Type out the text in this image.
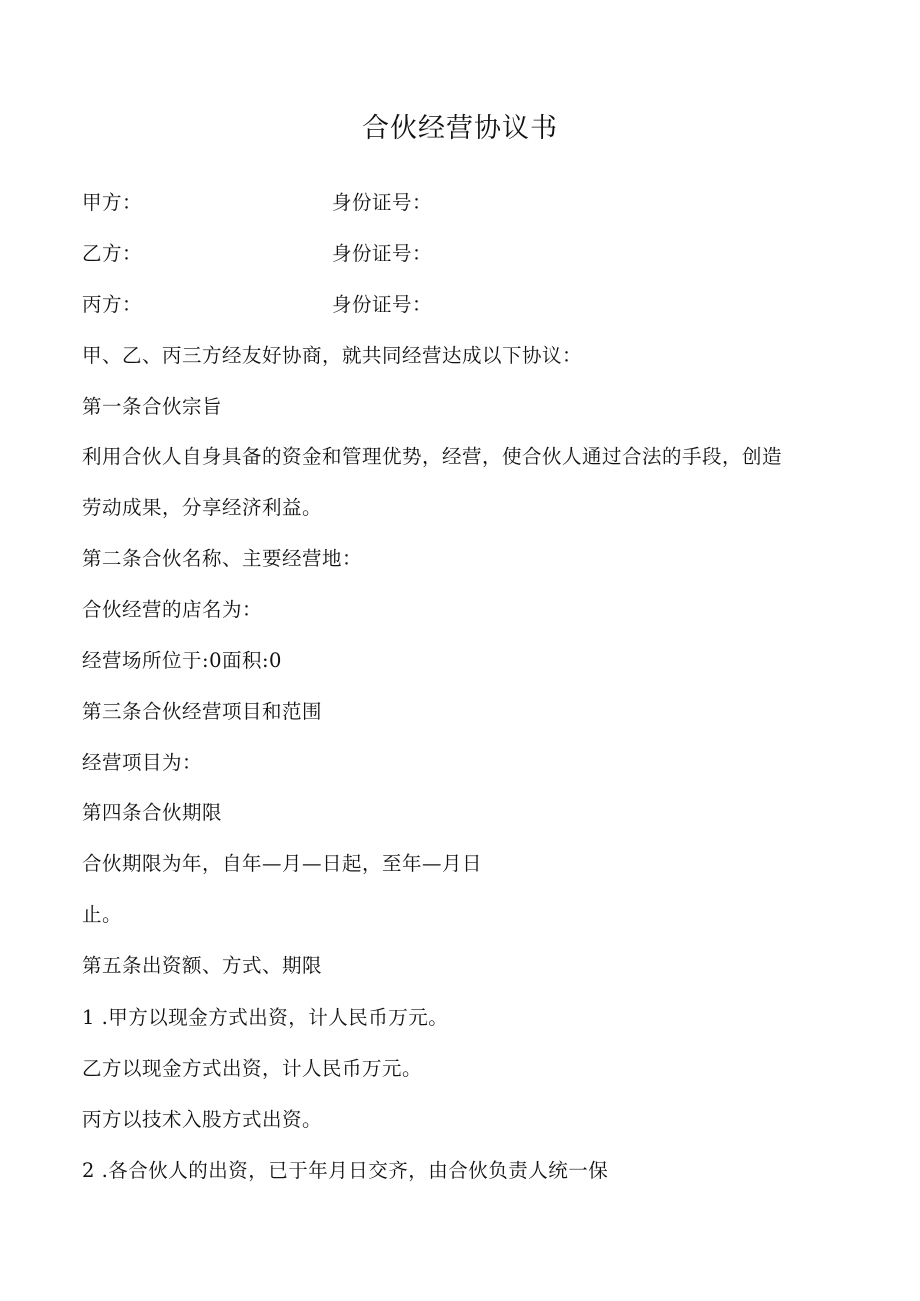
合伙经营协议书
甲方：	身份证号：
乙方：	身份证号：
丙方：	身份证号：
甲、乙、丙三方经友好协商，就共同经营达成以下协议：
第一条合伙宗旨
利用合伙人自身具备的资金和管理优势，经营，使合伙人通过合法的手段，创造
劳动成果，分享经济利益。
第二条合伙名称、主要经营地：
合伙经营的店名为：
经营场所位于:0面积:0
第三条合伙经营项目和范围
经营项目为：
第四条合伙期限
合伙期限为年，自年—月—日起，至年—月日
止。
第五条出资额、方式、期限
1 .甲方以现金方式出资，计人民币万元。
乙方以现金方式出资，计人民币万元。
丙方以技术入股方式出资。
2 .各合伙人的出资，已于年月日交齐，由合伙负责人统一保
